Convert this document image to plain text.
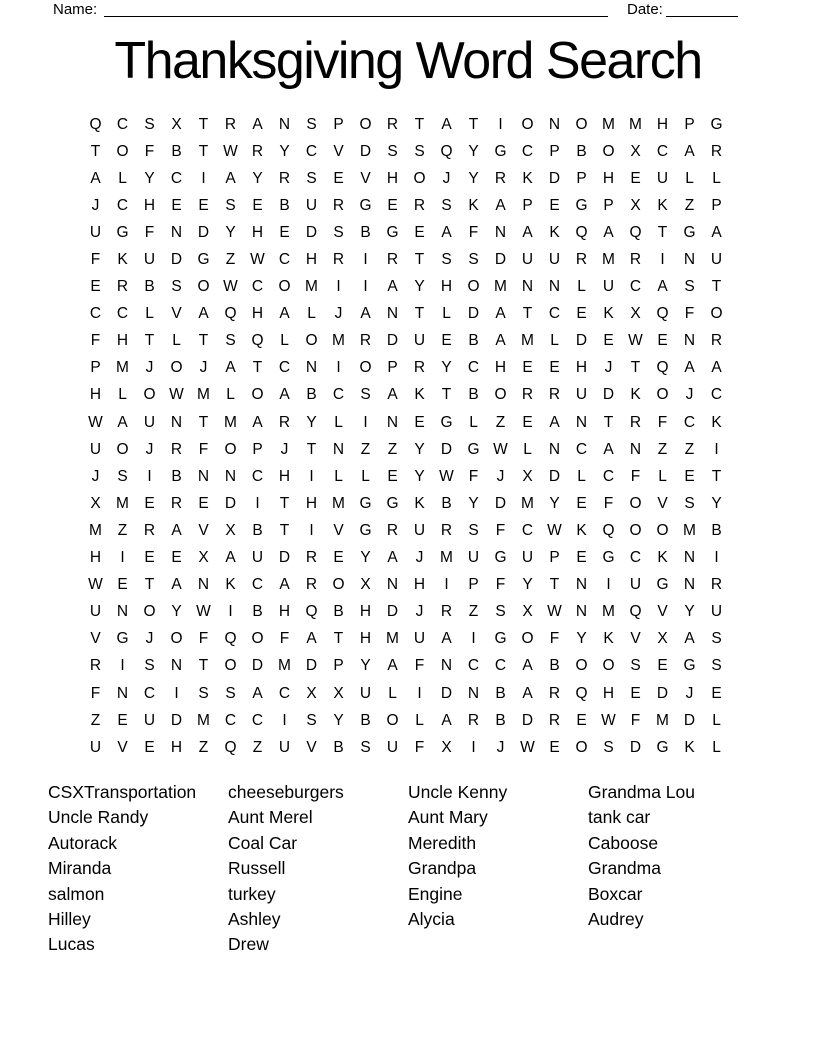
Name:	Date:
Thanksgiving Word Search
Q C	S	X	T	R	A	N	S	P	O R	T	A	T	I	O N O M M H	P	G
T	O	F	B	T W R	Y	C	V	D	S	S	Q	Y	G C	P	B	O	X	C	A	R
A	L	Y	C	I	A	Y	R	S	E	V	H O	J	Y	R	K	D	P	H	E	U	L	L
J	C	H	E	E	S	E	B	U	R G	E	R	S	K	A	P	E	G	P	X	K	Z	P
U G	F	N	D	Y	H	E	D	S	B	G	E	A	F	N	A	K	Q	A	Q	T	G	A
F	K	U	D G	Z W C	H	R	I	R	T	S	S	D	U	U	R M R	I	N	U
E	R	B	S	O W C O M	I	I	A	Y	H O M N	N	L	U	C	A	S	T
C	C	L	V	A	Q H	A	L	J	A	N	T	L	D	A	T	C	E	K	X	Q	F	O
F	H	T	L	T	S	Q	L	O M R	D	U	E	B	A M	L	D	E W E	N	R
P M	J	O	J	A	T	C	N	I	O	P	R	Y	C	H	E	E	H	J	T	Q	A	A
H	L	O W M	L	O	A	B	C	S	A	K	T	B	O R	R	U	D	K	O	J	C
W A	U	N	T	M A	R	Y	L	I	N	E	G	L	Z	E	A	N	T	R	F	C	K
U O	J	R	F	O	P	J	T	N	Z	Z	Y	D G W L	N	C	A	N	Z	Z	I
J	S	I	B	N	N	C	H	I	L	L	E	Y W F	J	X	D	L	C	F	L	E	T
X M E	R	E	D	I	T	H M G G	K	B	Y	D M Y	E	F	O	V	S	Y
M	Z	R	A	V	X	B	T	I	V	G R	U	R	S	F	C W K	Q O O M B
H	I	E	E	X	A	U	D	R	E	Y	A	J	M U G U	P	E	G C	K	N	I
W E	T	A	N	K	C	A	R O	X	N	H	I	P	F	Y	T	N	I	U G N	R
U	N O	Y W	I	B	H Q	B	H	D	J	R	Z	S	X W N M Q	V	Y	U
V	G	J	O	F	Q O	F	A	T	H M U	A	I	G O	F	Y	K	V	X	A	S
R	I	S	N	T	O D M D	P	Y	A	F	N	C	C	A	B	O O	S	E	G	S
F	N	C	I	S	S	A	C	X	X	U	L	I	D	N	B	A	R Q H	E	D	J	E
Z	E	U	D M C	C	I	S	Y	B	O	L	A	R	B	D	R	E W F	M D	L
U	V	E	H	Z	Q	Z	U	V	B	S	U	F	X	I	J	W E	O	S	D G	K	L
CSXTransportation
Uncle Randy
Autorack
Miranda
salmon
Hilley
Lucas
cheeseburgers
Aunt Merel
Coal Car
Russell
turkey
Ashley
Drew
Uncle Kenny
Aunt Mary
Meredith
Grandpa
Engine
Alycia
Grandma Lou
tank car
Caboose
Grandma
Boxcar
Audrey
